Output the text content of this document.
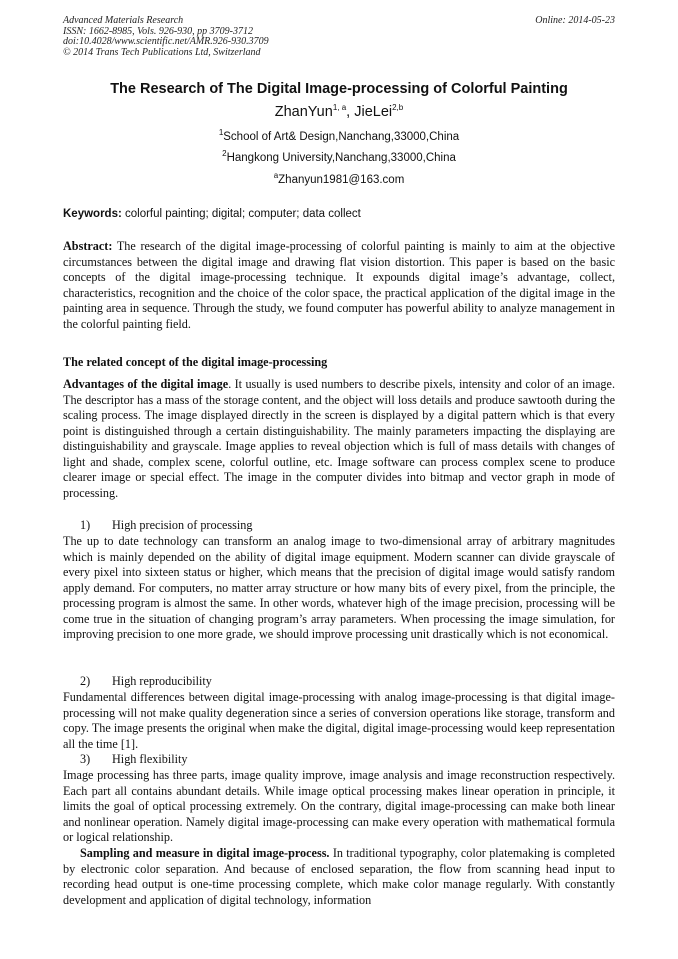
Advanced Materials Research
ISSN: 1662-8985, Vols. 926-930, pp 3709-3712
doi:10.4028/www.scientific.net/AMR.926-930.3709
© 2014 Trans Tech Publications Ltd, Switzerland
Online: 2014-05-23
The Research of The Digital Image-processing of Colorful Painting
ZhanYun$^{1, a}$, JieLei$^{2,b}$
$^1$School of Art& Design,Nanchang,33000,China
$^2$Hangkong University,Nanchang,33000,China
$^a$Zhanyun1981@163.com
Keywords: colorful painting; digital; computer; data collect
Abstract: The research of the digital image-processing of colorful painting is mainly to aim at the objective circumstances between the digital image and drawing flat vision distortion. This paper is based on the basic concepts of the digital image-processing technique. It expounds digital image’s advantage, collect, characteristics, recognition and the choice of the color space, the practical application of the digital image in the painting area in sequence. Through the study, we found computer has powerful ability to analyze management in the colorful painting field.
The related concept of the digital image-processing
Advantages of the digital image. It usually is used numbers to describe pixels, intensity and color of an image. The descriptor has a mass of the storage content, and the object will loss details and produce sawtooth during the scaling process. The image displayed directly in the screen is displayed by a digital pattern which is that every point is distinguished through a certain distinguishability. The mainly parameters impacting the displaying are distinguishability and grayscale. Image applies to reveal objection which is full of mass details with changes of light and shade, complex scene, colorful outline, etc. Image software can process complex scene to produce clearer image or special effect. The image in the computer divides into bitmap and vector graph in mode of processing.
1) High precision of processing
The up to date technology can transform an analog image to two-dimensional array of arbitrary magnitudes which is mainly depended on the ability of digital image equipment. Modern scanner can divide grayscale of every pixel into sixteen status or higher, which means that the precision of digital image would satisfy random apply demand. For computers, no matter array structure or how many bits of every pixel, from the principle, the processing program is almost the same. In other words, whatever high of the image precision, processing will be come true in the situation of changing program’s array parameters. When processing the image simulation, for improving precision to one more grade, we should improve processing unit drastically which is not economical.
2) High reproducibility
Fundamental differences between digital image-processing with analog image-processing is that digital image-processing will not make quality degeneration since a series of conversion operations like storage, transform and copy. The image presents the original when make the digital, digital image-processing would keep representation all the time [1].
3) High flexibility
Image processing has three parts, image quality improve, image analysis and image reconstruction respectively. Each part all contains abundant details. While image optical processing makes linear operation in principle, it limits the goal of optical processing extremely. On the contrary, digital image-processing can make both linear and nonlinear operation. Namely digital image-processing can make every operation with mathematical formula or logical relationship.
Sampling and measure in digital image-process. In traditional typography, color platemaking is completed by electronic color separation. And because of enclosed separation, the flow from scanning head input to recording head output is one-time processing complete, which make color manage regularly. With constantly development and application of digital technology, information
